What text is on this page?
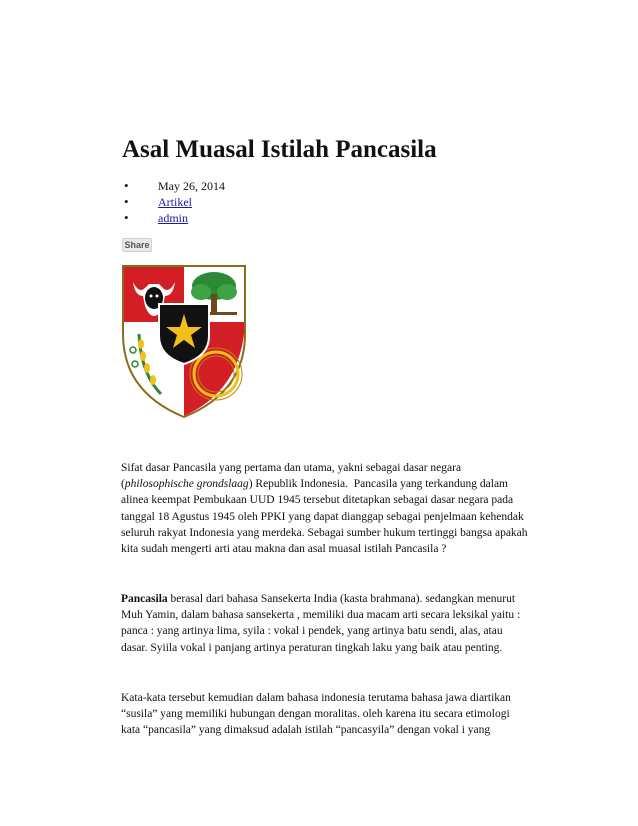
Asal Muasal Istilah Pancasila
• May 26, 2014
• Artikel
• admin
Share

Sifat dasar Pancasila yang pertama dan utama, yakni sebagai dasar negara
(philosophische grondslaag) Republik Indonesia.  Pancasila yang terkandung dalam
alinea keempat Pembukaan UUD 1945 tersebut ditetapkan sebagai dasar negara pada
tanggal 18 Agustus 1945 oleh PPKI yang dapat dianggap sebagai penjelmaan kehendak
seluruh rakyat Indonesia yang merdeka. Sebagai sumber hukum tertinggi bangsa apakah
kita sudah mengerti arti atau makna dan asal muasal istilah Pancasila ?

Pancasila berasal dari bahasa Sansekerta India (kasta brahmana). sedangkan menurut
Muh Yamin, dalam bahasa sansekerta , memiliki dua macam arti secara leksikal yaitu :
panca : yang artinya lima, syila : vokal i pendek, yang artinya batu sendi, alas, atau
dasar. Syiila vokal i panjang artinya peraturan tingkah laku yang baik atau penting.

Kata-kata tersebut kemudian dalam bahasa indonesia terutama bahasa jawa diartikan
“susila” yang memiliki hubungan dengan moralitas. oleh karena itu secara etimologi
kata “pancasila” yang dimaksud adalah istilah “pancasyila” dengan vokal i yang
